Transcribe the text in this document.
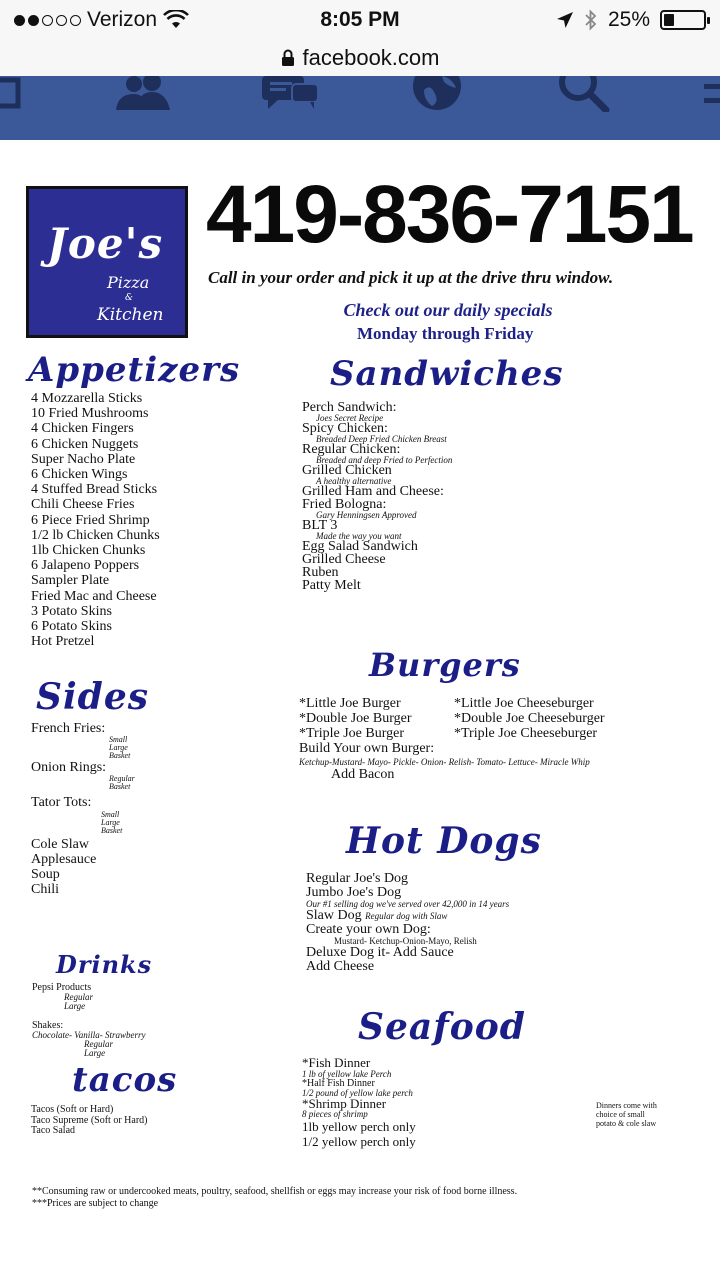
Verizon	8:05 PM	25%
facebook.com
Joe's
Pizza
&
Kitchen
419-836-7151
Call in your order and pick it up at the drive thru window.
Check out our daily specials
Monday through Friday
Appetizers
4 Mozzarella Sticks
10 Fried Mushrooms
4 Chicken Fingers
6 Chicken Nuggets
Super Nacho Plate
6 Chicken Wings
4 Stuffed Bread Sticks
Chili Cheese Fries
6 Piece Fried Shrimp
1/2 lb Chicken Chunks
1lb Chicken Chunks
6 Jalapeno Poppers
Sampler Plate
Fried Mac and Cheese
3 Potato Skins
6 Potato Skins
Hot Pretzel
Sandwiches
Perch Sandwich:
Joes Secret Recipe
Spicy Chicken:
Breaded Deep Fried Chicken Breast
Regular Chicken:
Breaded and deep Fried to Perfection
Grilled Chicken
A healthy alternative
Grilled Ham and Cheese:
Fried Bologna:
Gary Henningsen Approved
BLT 3
Made the way you want
Egg Salad Sandwich
Grilled Cheese
Ruben
Patty Melt
Sides
French Fries:
Small
Large
Basket
Onion Rings:
Regular
Basket
Tator Tots:
Small
Large
Basket
Cole Slaw
Applesauce
Soup
Chili
Burgers
*Little Joe Burger
*Double Joe Burger
*Triple Joe Burger
*Little Joe Cheeseburger
*Double Joe Cheeseburger
*Triple Joe Cheeseburger
Build Your own Burger:
Ketchup-Mustard- Mayo- Pickle- Onion- Relish- Tomato- Lettuce- Miracle Whip
Add Bacon
Hot Dogs
Regular Joe's Dog
Jumbo Joe's Dog
Our #1 selling dog we've served over 42,000 in 14 years
Slaw Dog Regular dog with Slaw
Create your own Dog:
Mustard- Ketchup-Onion-Mayo, Relish
Deluxe Dog it- Add Sauce
Add Cheese
Drinks
Pepsi Products
Regular
Large
Shakes:
Chocolate- Vanilla- Strawberry
Regular
Large
tacos
Tacos (Soft or Hard)
Taco Supreme (Soft or Hard)
Taco Salad
Seafood
*Fish Dinner
1 lb of yellow lake Perch
*Half Fish Dinner
1/2 pound of yellow lake perch
*Shrimp Dinner
8 pieces of shrimp
1lb yellow perch only
1/2 yellow perch only
Dinners come with
choice of small
potato & cole slaw
**Consuming raw or undercooked meats, poultry, seafood, shellfish or eggs may increase your risk of food borne illness.
***Prices are subject to change
